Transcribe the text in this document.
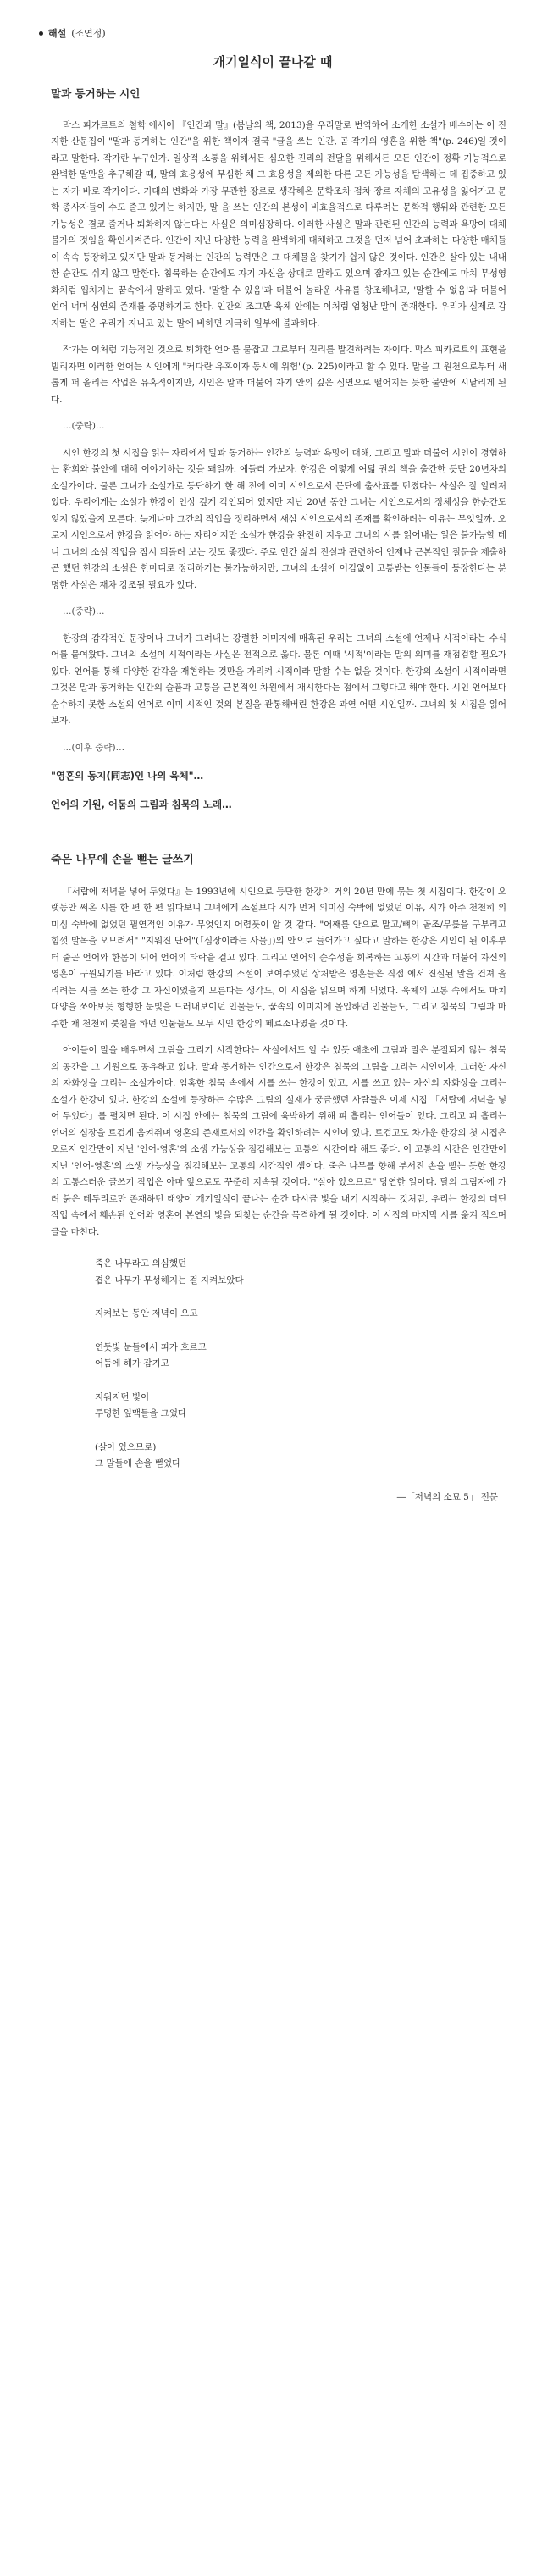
해설 (조연정)
개기일식이 끝나갈 때
말과 동거하는 시인

막스 피카르트의 철학 에세이 『인간과 말』(봄날의 책, 2013)을 우리말로 번역하여 소개한 소설가 배수아는 이 진지한 산문집이 "말과 동거하는 인간"을 위한 책이자 결국 "글을 쓰는 인간, 곧 작가의 영혼을 위한 책"(p. 246)일 것이라고 말한다. 작가란 누구인가. 일상적 소통을 위해서든 심오한 진리의 전달을 위해서든 모든 인간이 정확 기능적으로 완벽한 말만을 추구해갈 때, 말의 효용성에 무심한 채 그 효용성을 제외한 다른 모든 가능성을 탐색하는 데 집중하고 있는 자가 바로 작가이다. 기대의 변화와 가장 무관한 장르로 생각해온 문학조차 점차 장르 자체의 고유성을 잃어가고 문학 종사자들이 수도 줄고 있기는 하지만, 말 을 쓰는 인간의 본성이 비효율적으로 다루려는 문학적 행위와 관련한 모든 가능성은 결코 줄거나 퇴화하지 않는다는 사실은 의미심장하다. 이러한 사실은 말과 관련된 인간의 능력과 욕망이 대체 불가의 것임을 확인시켜준다. 인간이 지닌 다양한 능력을 완벽하게 대체하고 그것을 먼저 넘어 초과하는 다양한 매체들이 속속 등장하고 있지만 말과 동거하는 인간의 능력만은 그 대체물을 찾기가 쉽지 않은 것이다. 인간은 살아 있는 내내 한 순간도 쉬지 않고 말한다. 침묵하는 순간에도 자기 자신을 상대로 말하고 있으며 잠자고 있는 순간에도 마치 무성영화처럼 웹처지는 꿈속에서 말하고 있다. '말할 수 있음'과 더불어 놀라운 사유를 창조해내고, '말할 수 없음'과 더불어 언어 너머 심연의 존재를 증명하기도 한다. 인간의 조그만 육체 안에는 이처럼 엄청난 말이 존재한다. 우리가 실제로 감지하는 말은 우리가 지니고 있는 말에 비하면 지극히 일부에 불과하다.

작가는 이처럼 기능적인 것으로 퇴화한 언어를 붙잡고 그로부터 진리를 발견하려는 자이다. 막스 피카르트의 표현을 빌리자면 이러한 언어는 시인에게 "커다란 유혹이자 동시에 위험"(p. 225)이라고 할 수 있다. 말을 그 원천으로부터 새롭게 퍼 올리는 작업은 유혹적이지만, 시인은 말과 더불어 자기 안의 깊은 심연으로 떨어지는 듯한 불안에 시달리게 된다.

…(중략)…

시인 한강의 첫 시집을 읽는 자리에서 말과 동거하는 인간의 능력과 욕망에 대해, 그리고 말과 더불어 시인이 경험하는 환희와 불안에 대해 이야기하는 것을 돼일까. 예들러 가보자. 한강은 이렇게 여덟 권의 책을 출간한 듯단 20년차의 소설가이다. 물론 그녀가 소설가로 등단하기 한 해 전에 이미 시인으로서 문단에 출사표를 던졌다는 사실은 잘 알려져 있다. 우리에게는 소설가 한강이 인상 깊게 각인되어 있지만 지난 20년 동안 그녀는 시인으로서의 정체성을 한순간도 잊지 않았을지 모른다. 늦게나마 그간의 작업을 정리하면서 새삼 시인으로서의 존재를 확인하려는 이유는 무엇일까. 오로지 시인으로서 한강을 읽어야 하는 자리이지만 소설가 한강을 완전히 지우고 그녀의 시를 읽어내는 일은 불가능할 테니 그녀의 소설 작업을 잠시 되돌려 보는 것도 좋겠다. 주로 인간 삶의 진실과 관련하여 언제나 근본적인 질문을 제출하곤 했던 한강의 소설은 한마디로 정리하기는 불가능하지만, 그녀의 소설에 어김없이 고통받는 인물들이 등장한다는 분명한 사실은 재차 강조될 필요가 있다.

…(중략)…

한강의 감각적인 문장이나 그녀가 그려내는 강렬한 이미지에 매혹된 우리는 그녀의 소설에 언제나 시적이라는 수식어를 붙여왔다. 그녀의 소설이 시적이라는 사실은 전적으로 옳다. 물론 이때 '시적'이라는 말의 의미를 재점검할 필요가 있다. 언어를 통해 다양한 감각을 재현하는 것만을 가리켜 시적이라 말할 수는 없을 것이다. 한강의 소설이 시적이라면 그것은 말과 동거하는 인간의 슬픔과 고통을 근본적인 차원에서 재시한다는 점에서 그렇다고 해야 한다. 시인 언어보다 순수하지 못한 소설의 언어로 이미 시적인 것의 본질을 관통해버린 한강은 과연 어떤 시인일까. 그녀의 첫 시집을 읽어보자.

…(이후 중략)…

"영혼의 동지(同志)인 나의 육체"…
언어의 기원, 어둠의 그림과 침묵의 노래…
죽은 나무에 손을 뻗는 글쓰기

『서랍에 저녁을 넣어 두었다』는 1993년에 시인으로 등단한 한강의 거의 20년 만에 묶는 첫 시집이다. 한강이 오랫동안 써온 시를 한 편 한 편 읽다보니 그녀에게 소설보다 시가 먼저 의미심 숙박에 없었던 이유, 시가 아주 천천히 의미심 숙박에 없었던 필연적인 이유가 무엇인지 어렴풋이 알 것 같다. "어째를 안으로 말고/뼈의 골조/무릎을 구부리고 힘껏 발목을 오므려서" "지워진 단어"(「심장이라는 사물」)의 안으로 들어가고 싶다고 말하는 한강은 시인이 된 이후부터 줄곧 언어와 한몸이 되어 언어의 타락을 걸고 있다. 그리고 언어의 순수성을 회복하는 고통의 시간과 더불어 자신의 영혼이 구원되기를 바라고 있다. 이처럼 한강의 소설이 보여주었던 상처받은 영혼들은 직접 에서 진실된 말을 건져 올리려는 시를 쓰는 한강 그 자신이었을지 모른다는 생각도, 이 시집을 읽으며 하게 되었다. 육체의 고통 속에서도 마치 대양을 쏘아보듯 형형한 눈빛을 드러내보이던 인물들도, 꿈속의 이미지에 몰입하던 인물들도, 그리고 침묵의 그림과 마주한 채 천천히 붓칠을 하던 인물들도 모두 시인 한강의 페르소나였을 것이다.

아이들이 말을 배우면서 그림을 그리기 시작한다는 사실에서도 알 수 있듯 애초에 그림과 말은 분절되지 않는 침묵의 공간을 그 기원으로 공유하고 있다. 말과 동거하는 인간으로서 한강은 침묵의 그림을 그리는 시인이자, 그러한 자신의 자화상을 그리는 소설가이다. 엄혹한 침묵 속에서 시를 쓰는 한강이 있고, 시를 쓰고 있는 자신의 자화상을 그리는 소설가 한강이 있다. 한강의 소설에 등장하는 수많은 그림의 실재가 궁금했던 사람들은 이제 시집 「서랍에 저녁을 넣어 두었다」를 펼치면 된다. 이 시집 안에는 침묵의 그림에 육박하기 위해 피 흘리는 언어들이 있다. 그리고 피 흘리는 언어의 심장을 트겁게 움켜쥐며 영혼의 존재로서의 인간을 확인하려는 시인이 있다. 트겁고도 차가운 한강의 첫 시집은 오로지 인간만이 지닌 '언어-영혼'의 소생 가능성을 점검해보는 고통의 시간이라 해도 좋다. 이 고통의 시간은 인간만이 지닌 '언어-영혼'의 소생 가능성을 점검해보는 고통의 시간적인 셈이다. 죽은 나무를 향해 부서진 손을 뻗는 듯한 한강의 고통스러운 글쓰기 작업은 아마 앞으로도 꾸준히 지속될 것이다. "살아 있으므로" 당연한 일이다. 달의 그림자에 가려 붉은 테두리로만 존재하던 태양이 개기일식이 끝나는 순간 다시금 빛을 내기 시작하는 것처럼, 우리는 한강의 더딘 작업 속에서 훼손된 언어와 영혼이 본연의 빛을 되찾는 순간을 목격하게 될 것이다. 이 시집의 마지막 시를 옮겨 적으며 글을 마친다.

죽은 나무라고 의심했던
겹은 나무가 무성해지는 걸 지켜보았다
지켜보는 동안 저녁이 오고
연둣빛 눈들에서 피가 흐르고
어둠에 헤가 잠기고
지워지던 빛이
투명한 잎맥들을 그었다
(살아 있으므로)
그 말들에 손을 뻗었다
―「저녁의 소묘 5」 전문
